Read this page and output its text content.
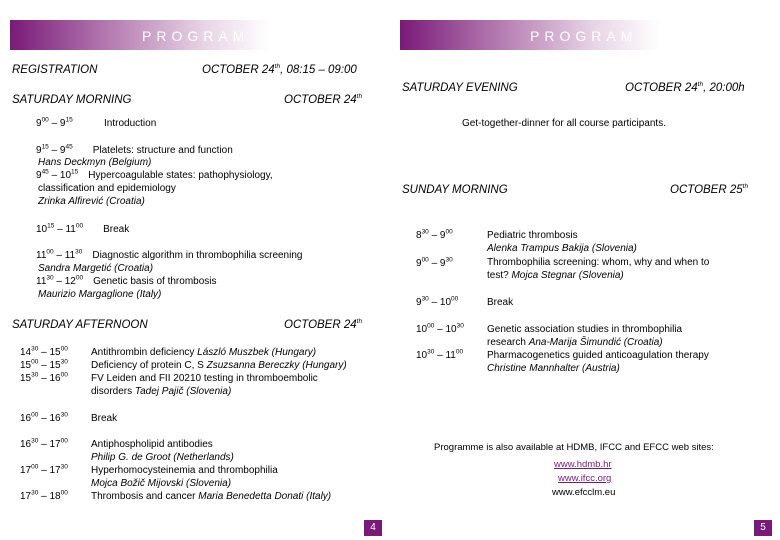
PROGRAM
REGISTRATION	OCTOBER 24th, 08:15 – 09:00
SATURDAY MORNING	OCTOBER 24th
$9^{00} - 9^{15}$	Introduction
$9^{15} - 9^{45}$ Platelets: structure and function
Hans Deckmyn (Belgium)
$9^{45} - 10^{15}$ Hypercoagulable states: pathophysiology,
classification and epidemiology
Zrinka Alfirević (Croatia)
$10^{15} - 11^{00}$ Break
$11^{00} - 11^{30}$ Diagnostic algorithm in thrombophilia screening
Sandra Margetić (Croatia)
$11^{30} - 12^{00}$ Genetic basis of thrombosis
Maurizio Margaglione (Italy)
SATURDAY AFTERNOON	OCTOBER 24th
$14^{30} - 15^{00}$ Antithrombin deficiency László Muszbek (Hungary)
$15^{00} - 15^{30}$ Deficiency of protein C, S Zsuzsanna Bereczky (Hungary)
$15^{30} - 16^{00}$ FV Leiden and FII 20210 testing in thromboembolic
disorders Tadej Pajič (Slovenia)
$16^{00} - 16^{30}$ Break
$16^{30} - 17^{00}$ Antiphospholipid antibodies
Philip G. de Groot (Netherlands)
$17^{00} - 17^{30}$ Hyperhomocysteinemia and thrombophilia
Mojca Božič Mijovski (Slovenia)
$17^{30} - 18^{00}$ Thrombosis and cancer Maria Benedetta Donati (Italy)
4
PROGRAM
SATURDAY EVENING	OCTOBER 24th, 20:00h
Get-together-dinner for all course participants.
SUNDAY MORNING	OCTOBER 25th
$8^{30} - 9^{00}$	Pediatric thrombosis
Alenka Trampus Bakija (Slovenia)
$9^{00} - 9^{30}$	Thrombophilia screening: whom, why and when to
test? Mojca Stegnar (Slovenia)
$9^{30} - 10^{00}$	Break
$10^{00} - 10^{30}$ Genetic association studies in thrombophilia
research Ana-Marija Šimundić (Croatia)
$10^{30} - 11^{00}$ Pharmacogenetics guided anticoagulation therapy
Christine Mannhalter (Austria)
Programme is also available at HDMB, IFCC and EFCC web sites:
www.hdmb.hr
www.ifcc.org
www.efcclm.eu
5
